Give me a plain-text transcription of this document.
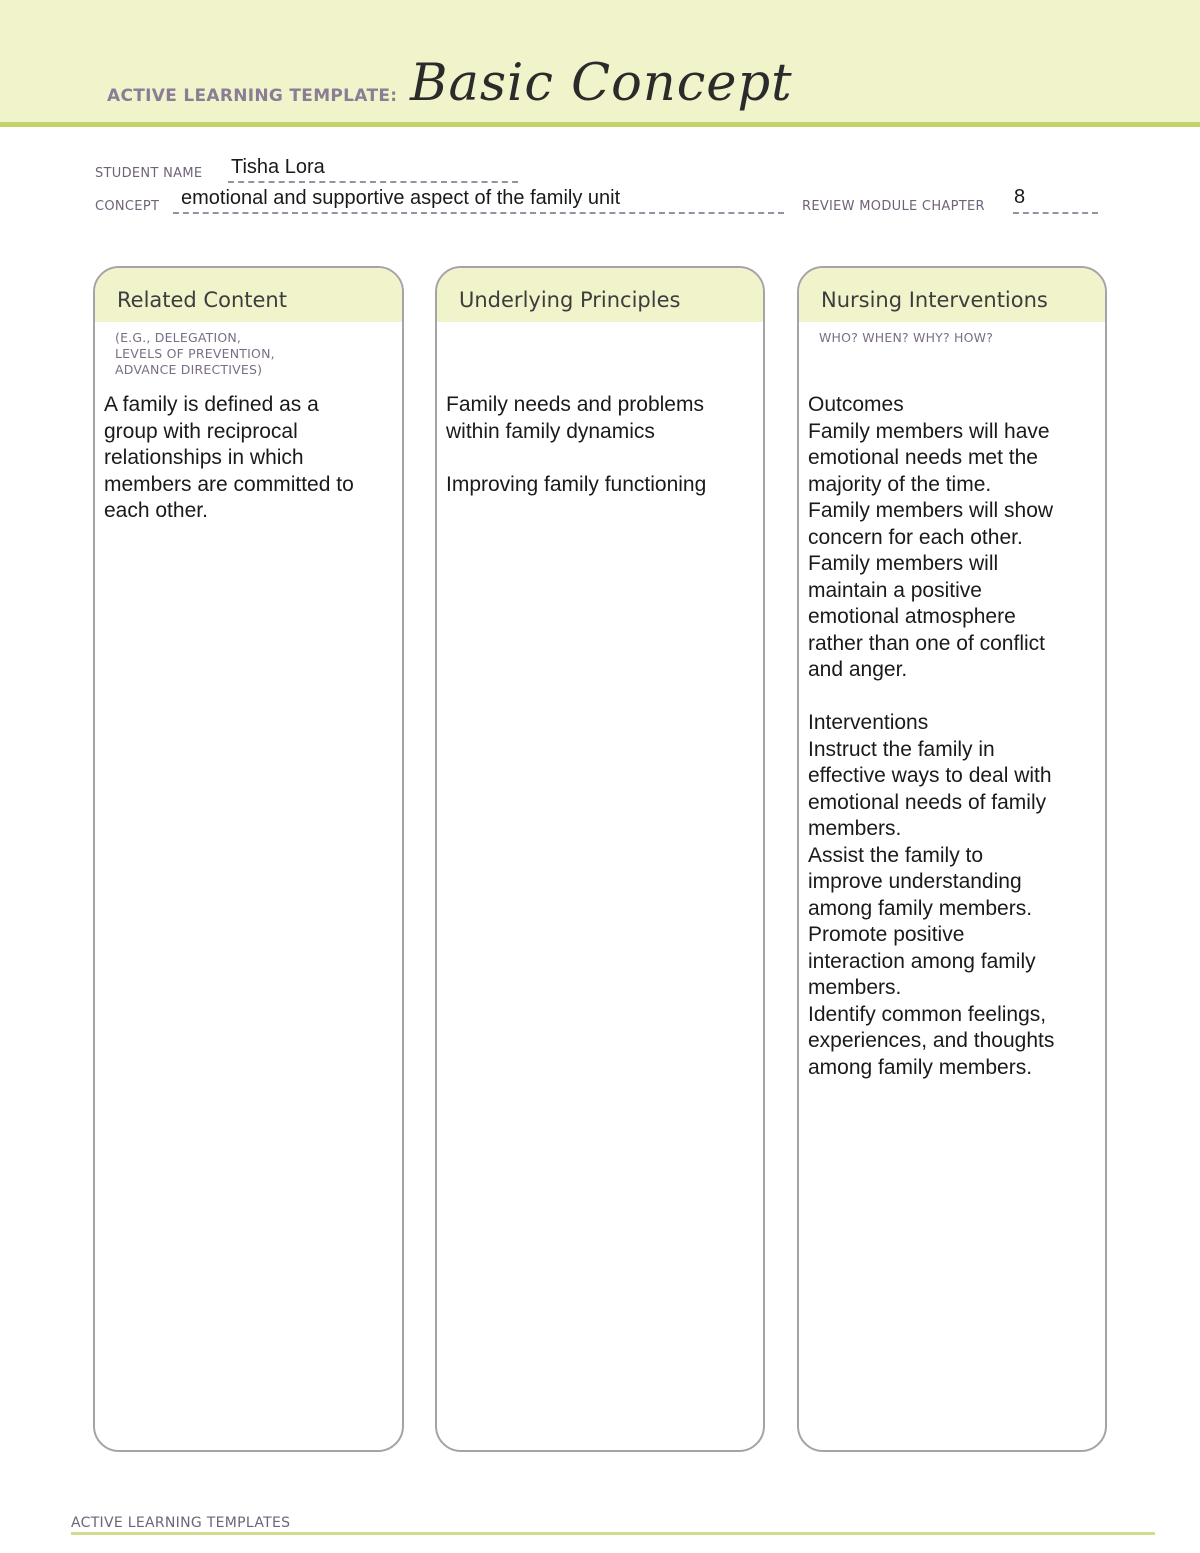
ACTIVE LEARNING TEMPLATE: Basic Concept
STUDENT NAME Tisha Lora
CONCEPT emotional and supportive aspect of the family unit	REVIEW MODULE CHAPTER 8
Related Content
(E.G., DELEGATION,
LEVELS OF PREVENTION,
ADVANCE DIRECTIVES)
A family is defined as a
group with reciprocal
relationships in which
members are committed to
each other.
Underlying Principles
Family needs and problems
within family dynamics

Improving family functioning
Nursing Interventions
WHO? WHEN? WHY? HOW?
Outcomes
Family members will have
emotional needs met the
majority of the time.
Family members will show
concern for each other.
Family members will
maintain a positive
emotional atmosphere
rather than one of conflict
and anger.

Interventions
Instruct the family in
effective ways to deal with
emotional needs of family
members.
Assist the family to
improve understanding
among family members.
Promote positive
interaction among family
members.
Identify common feelings,
experiences, and thoughts
among family members.
ACTIVE LEARNING TEMPLATES
